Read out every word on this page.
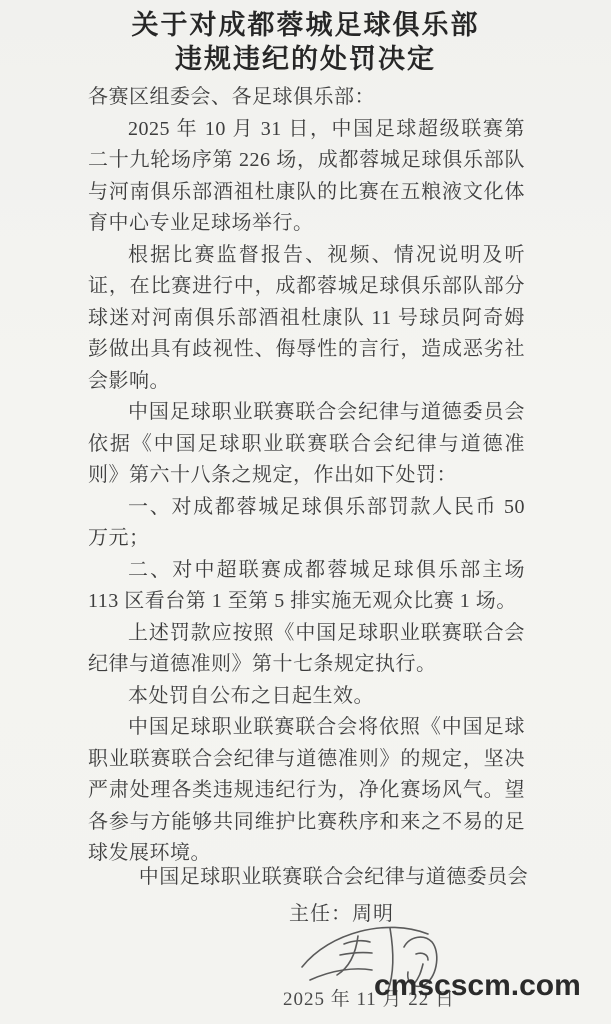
关于对成都蓉城足球俱乐部
违规违纪的处罚决定

各赛区组委会、各足球俱乐部：

2025 年 10 月 31 日，中国足球超级联赛第二十九轮场序第 226 场，成都蓉城足球俱乐部队与河南俱乐部酒祖杜康队的比赛在五粮液文化体育中心专业足球场举行。

根据比赛监督报告、视频、情况说明及听证，在比赛进行中，成都蓉城足球俱乐部队部分球迷对河南俱乐部酒祖杜康队 11 号球员阿奇姆彭做出具有歧视性、侮辱性的言行，造成恶劣社会影响。

中国足球职业联赛联合会纪律与道德委员会依据《中国足球职业联赛联合会纪律与道德准则》第六十八条之规定，作出如下处罚：

一、对成都蓉城足球俱乐部罚款人民币 50 万元；

二、对中超联赛成都蓉城足球俱乐部主场 113 区看台第 1 至第 5 排实施无观众比赛 1 场。

上述罚款应按照《中国足球职业联赛联合会纪律与道德准则》第十七条规定执行。

本处罚自公布之日起生效。

中国足球职业联赛联合会将依照《中国足球职业联赛联合会纪律与道德准则》的规定，坚决严肃处理各类违规违纪行为，净化赛场风气。望各参与方能够共同维护比赛秩序和来之不易的足球发展环境。

中国足球职业联赛联合会纪律与道德委员会
主任：周明
2025 年 11 月 22 日
cmscscm.com
